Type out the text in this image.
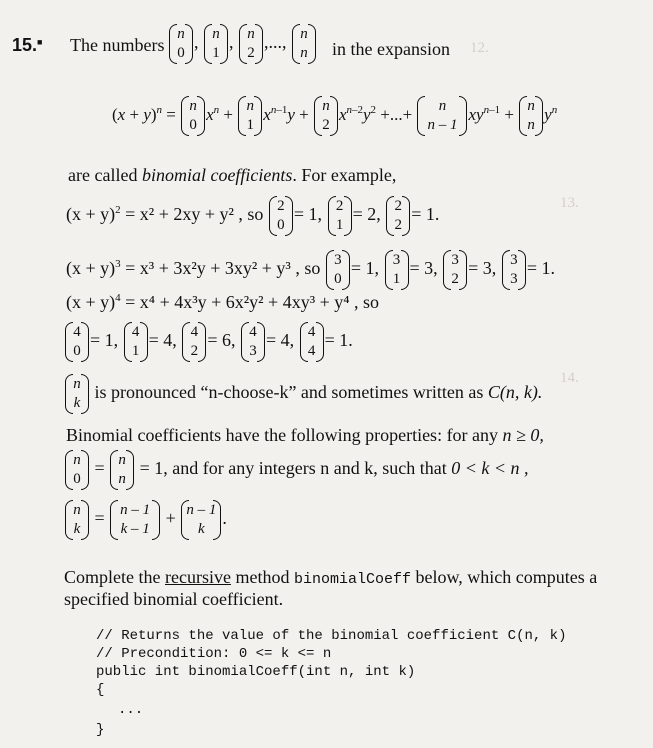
12.
13.
14.
15.■ The numbers
n
0
, n
1
, n
2
,..., n
n	in the expansion
$(x + y)^n = n$
0
$x^n + n$
1
$x^{n-1}y + n$
2
$x^{n-2}y^2$ +...+	n
n – 1
$xy^{n-1} + n$
n
$y^n$
are called binomial coefficients. For example,
$(x + y)^2 = x^2 + 2xy + y^2$ , so 2
0
= 1, 2
1
= 2, 2
2
= 1.
$(x + y)^3 = x^3 + 3x^2y + 3xy^2 + y^3$ , so 3
0
= 1, 3
1
= 3, 3
2
= 3, 3
3
= 1.
$(x + y)^4 = x^4 + 4x^3y + 6x^2y^2 + 4xy^3 + y^4$ , so
4
0
= 1, 4
1
= 4, 4
2
= 6, 4
3
= 4, 4
4
= 1.
n
k
is pronounced “n-choose-k” and sometimes written as C(n, k).
Binomial coefficients have the following properties: for any n ≥ 0,
n
0
= n
n
= 1, and for any integers n and k, such that 0 < k < n ,
n
k
= n – 1
k – 1
+ n – 1
k
.
Complete the recursive method binomialCoeff below, which computes a
specified binomial coefficient.
// Returns the value of the binomial coefficient C(n, k)
// Precondition: 0 <= k <= n
public int binomialCoeff(int n, int k)
{
...
}
